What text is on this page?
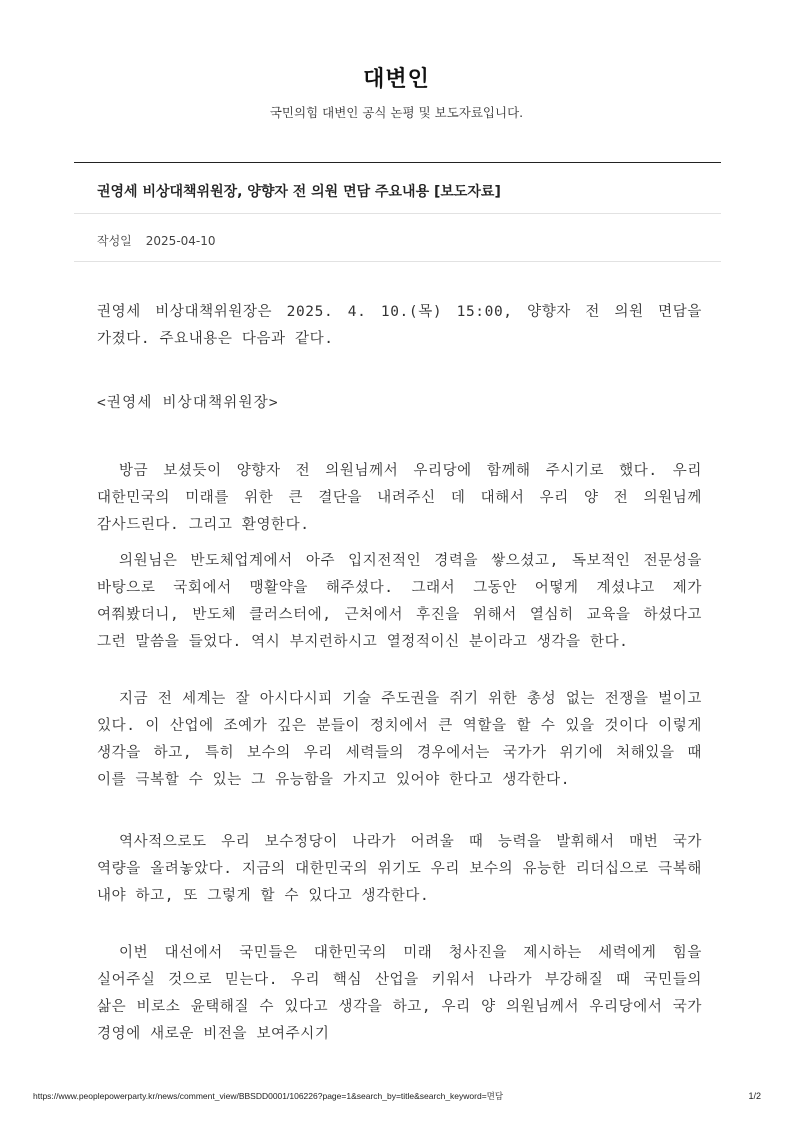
대변인
국민의힘 대변인 공식 논평 및 보도자료입니다.
권영세 비상대책위원장, 양향자 전 의원 면담 주요내용 [보도자료]
작성일 2025-04-10
권영세 비상대책위원장은 2025. 4. 10.(목) 15:00, 양향자 전 의원 면담을 가졌다. 주요내용은 다음과 같다.
<권영세 비상대책위원장>
방금 보셨듯이 양향자 전 의원님께서 우리당에 함께해 주시기로 했다. 우리 대한민국의 미래를 위한 큰 결단을 내려주신 데 대해서 우리 양 전 의원님께 감사드린다. 그리고 환영한다.
의원님은 반도체업계에서 아주 입지전적인 경력을 쌓으셨고, 독보적인 전문성을 바탕으로 국회에서 맹활약을 해주셨다. 그래서 그동안 어떻게 계셨냐고 제가 여쭤봤더니, 반도체 클러스터에, 근처에서 후진을 위해서 열심히 교육을 하셨다고 그런 말씀을 들었다. 역시 부지런하시고 열정적이신 분이라고 생각을 한다.
지금 전 세계는 잘 아시다시피 기술 주도권을 쥐기 위한 총성 없는 전쟁을 벌이고 있다. 이 산업에 조예가 깊은 분들이 정치에서 큰 역할을 할 수 있을 것이다 이렇게 생각을 하고, 특히 보수의 우리 세력들의 경우에서는 국가가 위기에 처해있을 때 이를 극복할 수 있는 그 유능함을 가지고 있어야 한다고 생각한다.
역사적으로도 우리 보수정당이 나라가 어려울 때 능력을 발휘해서 매번 국가 역량을 올려놓았다. 지금의 대한민국의 위기도 우리 보수의 유능한 리더십으로 극복해 내야 하고, 또 그렇게 할 수 있다고 생각한다.
이번 대선에서 국민들은 대한민국의 미래 청사진을 제시하는 세력에게 힘을 실어주실 것으로 믿는다. 우리 핵심 산업을 키워서 나라가 부강해질 때 국민들의 삶은 비로소 윤택해질 수 있다고 생각을 하고, 우리 양 의원님께서 우리당에서 국가 경영에 새로운 비전을 보여주시기
https://www.peoplepowerparty.kr/news/comment_view/BBSDD0001/106226?page=1&search_by=title&search_keyword=면담	1/2
